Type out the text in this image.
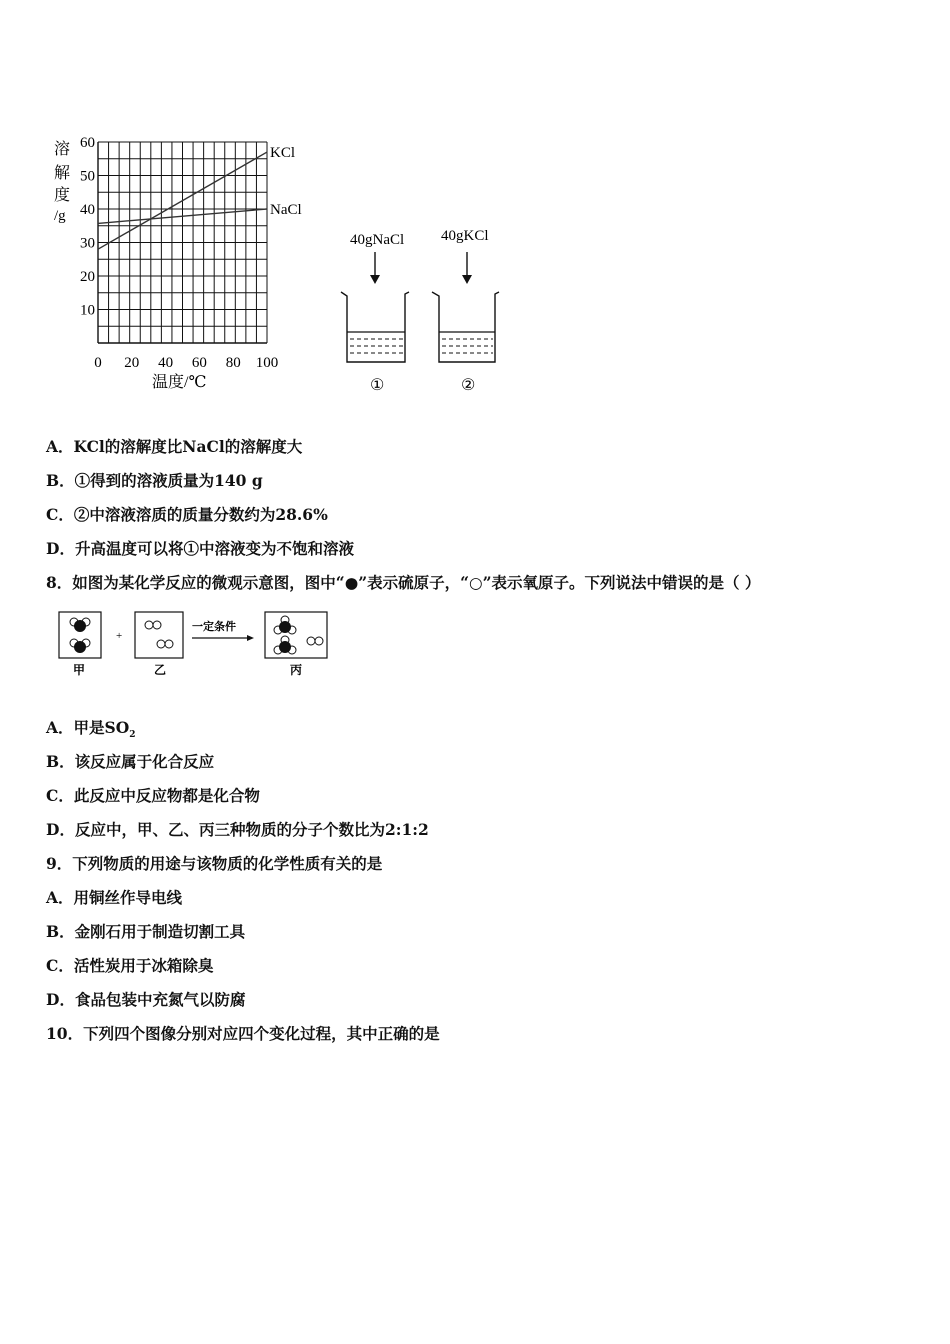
溶
解
度
/g
60
50
40
30
20
10
0 20 40 60 80 100
KCl
NaCl
温度/℃
40gNaCl
①
40gKCl
②
A．KCl的溶解度比NaCl的溶解度大
B．①得到的溶液质量为140 g
C．②中溶液溶质的质量分数约为28.6%
D．升高温度可以将①中溶液变为不饱和溶液
8．如图为某化学反应的微观示意图，图中“●”表示硫原子，“○”表示氧原子。下列说法中错误的是（ ）
+
一定条件
甲	乙	丙
A．甲是$SO_2$
B．该反应属于化合反应
C．此反应中反应物都是化合物
D．反应中，甲、乙、丙三种物质的分子个数比为2:1:2
9．下列物质的用途与该物质的化学性质有关的是
A．用铜丝作导电线
B．金刚石用于制造切割工具
C．活性炭用于冰箱除臭
D．食品包装中充氮气以防腐
10．下列四个图像分别对应四个变化过程，其中正确的是
